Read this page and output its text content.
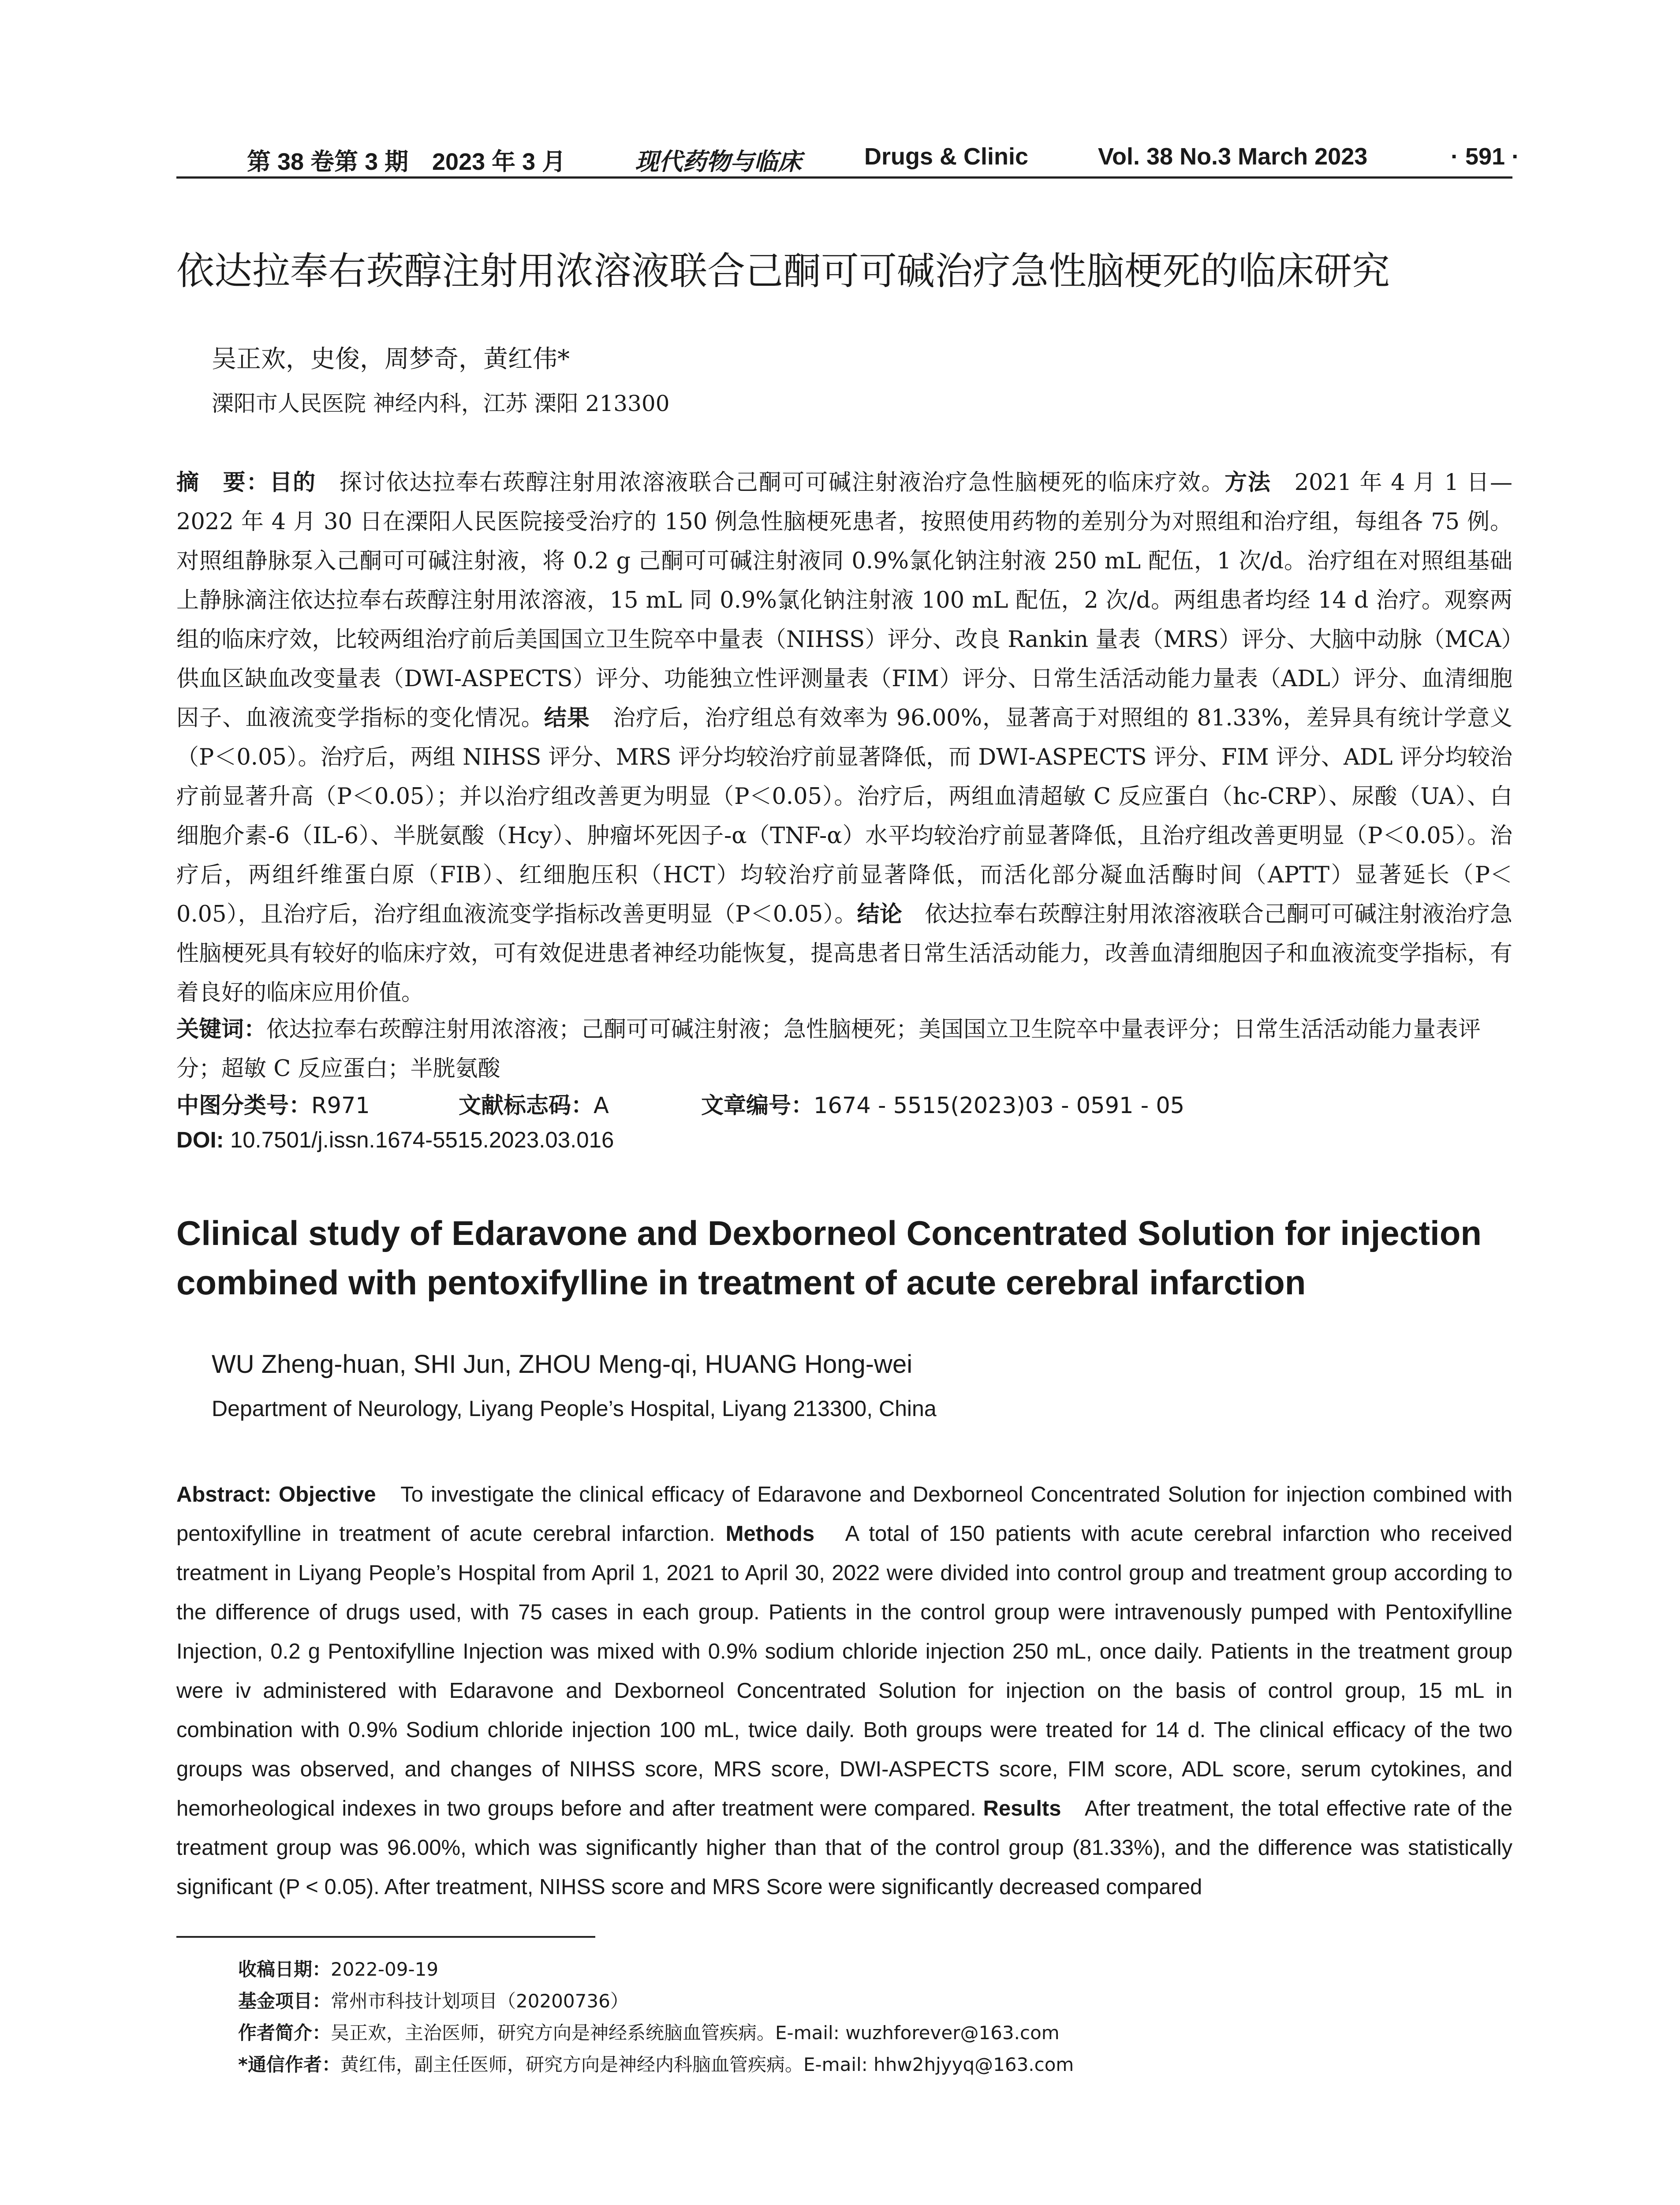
第 38 卷第 3 期 2023 年 3 月	现代药物与临床	Drugs & Clinic	Vol. 38 No.3 March 2023	· 591 ·
依达拉奉右莰醇注射用浓溶液联合己酮可可碱治疗急性脑梗死的临床研究
吴正欢，史俊，周梦奇，黄红伟*
溧阳市人民医院 神经内科，江苏 溧阳 213300
摘　要：目的　探讨依达拉奉右莰醇注射用浓溶液联合己酮可可碱注射液治疗急性脑梗死的临床疗效。方法　2021 年 4 月 1 日—2022 年 4 月 30 日在溧阳人民医院接受治疗的 150 例急性脑梗死患者，按照使用药物的差别分为对照组和治疗组，每组各 75 例。对照组静脉泵入己酮可可碱注射液，将 0.2 g 己酮可可碱注射液同 0.9%氯化钠注射液 250 mL 配伍，1 次/d。治疗组在对照组基础上静脉滴注依达拉奉右莰醇注射用浓溶液，15 mL 同 0.9%氯化钠注射液 100 mL 配伍，2 次/d。两组患者均经 14 d 治疗。观察两组的临床疗效，比较两组治疗前后美国国立卫生院卒中量表（NIHSS）评分、改良 Rankin 量表（MRS）评分、大脑中动脉（MCA）供血区缺血改变量表（DWI-ASPECTS）评分、功能独立性评测量表（FIM）评分、日常生活活动能力量表（ADL）评分、血清细胞因子、血液流变学指标的变化情况。结果　治疗后，治疗组总有效率为 96.00%，显著高于对照组的 81.33%，差异具有统计学意义（P＜0.05）。治疗后，两组 NIHSS 评分、MRS 评分均较治疗前显著降低，而 DWI-ASPECTS 评分、FIM 评分、ADL 评分均较治疗前显著升高（P＜0.05）；并以治疗组改善更为明显（P＜0.05）。治疗后，两组血清超敏 C 反应蛋白（hc-CRP）、尿酸（UA）、白细胞介素-6（IL-6）、半胱氨酸（Hcy）、肿瘤坏死因子-α（TNF-α）水平均较治疗前显著降低，且治疗组改善更明显（P＜0.05）。治疗后，两组纤维蛋白原（FIB）、红细胞压积（HCT）均较治疗前显著降低，而活化部分凝血活酶时间（APTT）显著延长（P＜0.05），且治疗后，治疗组血液流变学指标改善更明显（P＜0.05）。结论　依达拉奉右莰醇注射用浓溶液联合己酮可可碱注射液治疗急性脑梗死具有较好的临床疗效，可有效促进患者神经功能恢复，提高患者日常生活活动能力，改善血清细胞因子和血液流变学指标，有着良好的临床应用价值。
关键词：依达拉奉右莰醇注射用浓溶液；己酮可可碱注射液；急性脑梗死；美国国立卫生院卒中量表评分；日常生活活动能力量表评分；超敏 C 反应蛋白；半胱氨酸
中图分类号：R971	文献标志码：A	文章编号：1674 - 5515(2023)03 - 0591 - 05
DOI: 10.7501/j.issn.1674-5515.2023.03.016
Clinical study of Edaravone and Dexborneol Concentrated Solution for injection
combined with pentoxifylline in treatment of acute cerebral infarction
WU Zheng-huan, SHI Jun, ZHOU Meng-qi, HUANG Hong-wei
Department of Neurology, Liyang People’s Hospital, Liyang 213300, China
Abstract: Objective　To investigate the clinical efficacy of Edaravone and Dexborneol Concentrated Solution for injection combined with pentoxifylline in treatment of acute cerebral infarction. Methods　A total of 150 patients with acute cerebral infarction who received treatment in Liyang People’s Hospital from April 1, 2021 to April 30, 2022 were divided into control group and treatment group according to the difference of drugs used, with 75 cases in each group. Patients in the control group were intravenously pumped with Pentoxifylline Injection, 0.2 g Pentoxifylline Injection was mixed with 0.9% sodium chloride injection 250 mL, once daily. Patients in the treatment group were iv administered with Edaravone and Dexborneol Concentrated Solution for injection on the basis of control group, 15 mL in combination with 0.9% Sodium chloride injection 100 mL, twice daily. Both groups were treated for 14 d. The clinical efficacy of the two groups was observed, and changes of NIHSS score, MRS score, DWI-ASPECTS score, FIM score, ADL score, serum cytokines, and hemorheological indexes in two groups before and after treatment were compared. Results　After treatment, the total effective rate of the treatment group was 96.00%, which was significantly higher than that of the control group (81.33%), and the difference was statistically significant (P < 0.05). After treatment, NIHSS score and MRS Score were significantly decreased compared
收稿日期：2022-09-19
基金项目：常州市科技计划项目（20200736）
作者简介：吴正欢，主治医师，研究方向是神经系统脑血管疾病。E-mail: wuzhforever@163.com
*通信作者：黄红伟，副主任医师，研究方向是神经内科脑血管疾病。E-mail: hhw2hjyyq@163.com
